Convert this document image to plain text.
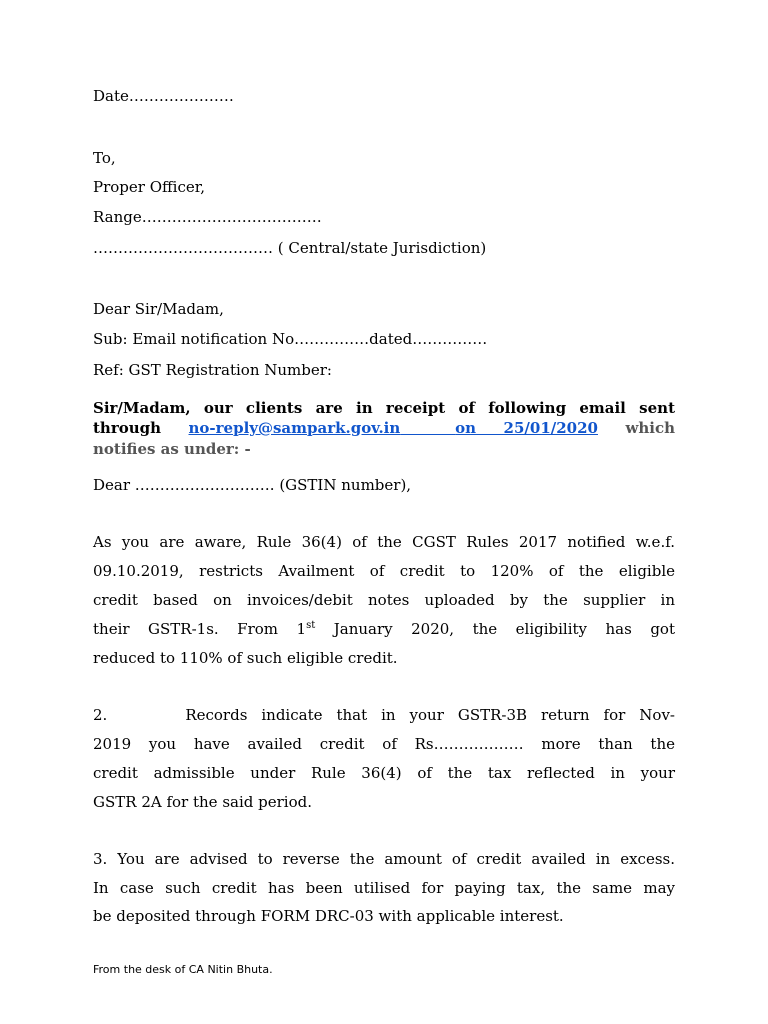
Date…………………
To,
Proper Officer,
Range………………………………
……………………………… ( Central/state Jurisdiction)
Dear Sir/Madam,
Sub: Email notification No……………dated……………
Ref: GST Registration Number:
Sir/Madam, our clients are in receipt of following email sent
through no-reply@sampark.gov.in	on 25/01/2020 which
notifies as under: -
Dear ………………………. (GSTIN number),
As you are aware, Rule 36(4) of the CGST Rules 2017 notified w.e.f.
09.10.2019, restricts Availment of credit to 120% of the eligible
credit based on invoices/debit notes uploaded by the supplier in
their GSTR-1s. From 1st January 2020, the eligibility has got
reduced to 110% of such eligible credit.
2.	Records indicate that in your GSTR-3B return for Nov-
2019 you have availed credit of Rs……………… more than the
credit admissible under Rule 36(4) of the tax reflected in your
GSTR 2A for the said period.
3. You are advised to reverse the amount of credit availed in excess.
In case such credit has been utilised for paying tax, the same may
be deposited through FORM DRC-03 with applicable interest.
From the desk of CA Nitin Bhuta.
